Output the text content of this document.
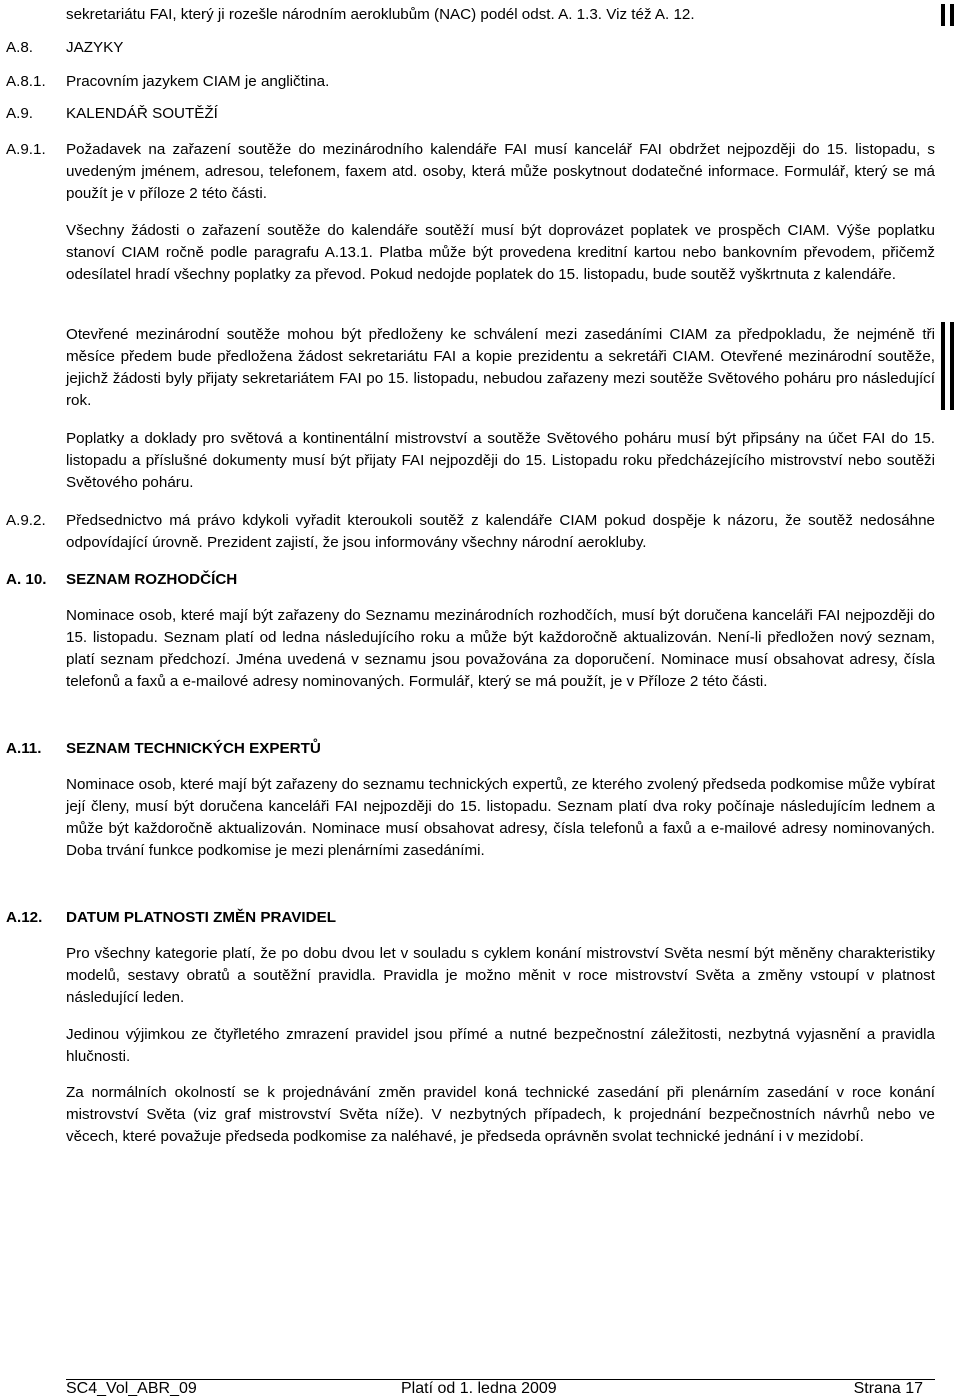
sekretariátu FAI, který ji rozešle národním aeroklubům (NAC) podél odst. A. 1.3. Viz též A. 12.
A.8. JAZYKY
A.8.1. Pracovním jazykem CIAM je angličtina.
A.9. KALENDÁŘ SOUTĚŽÍ
A.9.1. Požadavek na zařazení soutěže do mezinárodního kalendáře FAI musí kancelář FAI obdržet nejpozději do 15. listopadu, s uvedeným jménem, adresou, telefonem, faxem atd. osoby, která může poskytnout dodatečné informace. Formulář, který se má použít je v příloze 2 této části.
Všechny žádosti o zařazení soutěže do kalendáře soutěží musí být doprovázet poplatek ve prospěch CIAM. Výše poplatku stanoví CIAM ročně podle paragrafu A.13.1. Platba může být provedena kreditní kartou nebo bankovním převodem, přičemž odesílatel hradí všechny poplatky za převod. Pokud nedojde poplatek do 15. listopadu, bude soutěž vyškrtnuta z kalendáře.
Otevřené mezinárodní soutěže mohou být předloženy ke schválení mezi zasedáními CIAM za předpokladu, že nejméně tři měsíce předem bude předložena žádost sekretariátu FAI a kopie prezidentu a sekretáři CIAM. Otevřené mezinárodní soutěže, jejichž žádosti byly přijaty sekretariátem FAI po 15. listopadu, nebudou zařazeny mezi soutěže Světového poháru pro následující rok.
Poplatky a doklady pro světová a kontinentální mistrovství a soutěže Světového poháru musí být připsány na účet FAI do 15. listopadu a příslušné dokumenty musí být přijaty FAI nejpozději do 15. Listopadu roku předcházejícího mistrovství nebo soutěži Světového poháru.
A.9.2. Předsednictvo má právo kdykoli vyřadit kteroukoli soutěž z kalendáře CIAM pokud dospěje k názoru, že soutěž nedosáhne odpovídající úrovně. Prezident zajistí, že jsou informovány všechny národní aerokluby.
A. 10. SEZNAM ROZHODČÍCH
Nominace osob, které mají být zařazeny do Seznamu mezinárodních rozhodčích, musí být doručena kanceláři FAI nejpozději do 15. listopadu. Seznam platí od ledna následujícího roku a může být každoročně aktualizován. Není-li předložen nový seznam, platí seznam předchozí. Jména uvedená v seznamu jsou považována za doporučení. Nominace musí obsahovat adresy, čísla telefonů a faxů a e-mailové adresy nominovaných. Formulář, který se má použít, je v Příloze 2 této části.
A.11. SEZNAM TECHNICKÝCH EXPERTŮ
Nominace osob, které mají být zařazeny do seznamu technických expertů, ze kterého zvolený předseda podkomise může vybírat její členy, musí být doručena kanceláři FAI nejpozději do 15. listopadu. Seznam platí dva roky počínaje následujícím lednem a může být každoročně aktualizován. Nominace musí obsahovat adresy, čísla telefonů a faxů a e-mailové adresy nominovaných. Doba trvání funkce podkomise je mezi plenárními zasedáními.
A.12. DATUM PLATNOSTI ZMĚN PRAVIDEL
Pro všechny kategorie platí, že po dobu dvou let v souladu s cyklem konání mistrovství Světa nesmí být měněny charakteristiky modelů, sestavy obratů a soutěžní pravidla. Pravidla je možno měnit v roce mistrovství Světa a změny vstoupí v platnost následující leden.
Jedinou výjimkou ze čtyřletého zmrazení pravidel jsou přímé a nutné bezpečnostní záležitosti, nezbytná vyjasnění a pravidla hlučnosti.
Za normálních okolností se k projednávání změn pravidel koná technické zasedání při plenárním zasedání v roce konání mistrovství Světa (viz graf mistrovství Světa níže). V nezbytných případech, k projednání bezpečnostních návrhů nebo ve věcech, které považuje předseda podkomise za naléhavé, je předseda oprávněn svolat technické jednání i v mezidobí.
SC4_Vol_ABR_09	Platí od 1. ledna 2009	Strana 17
